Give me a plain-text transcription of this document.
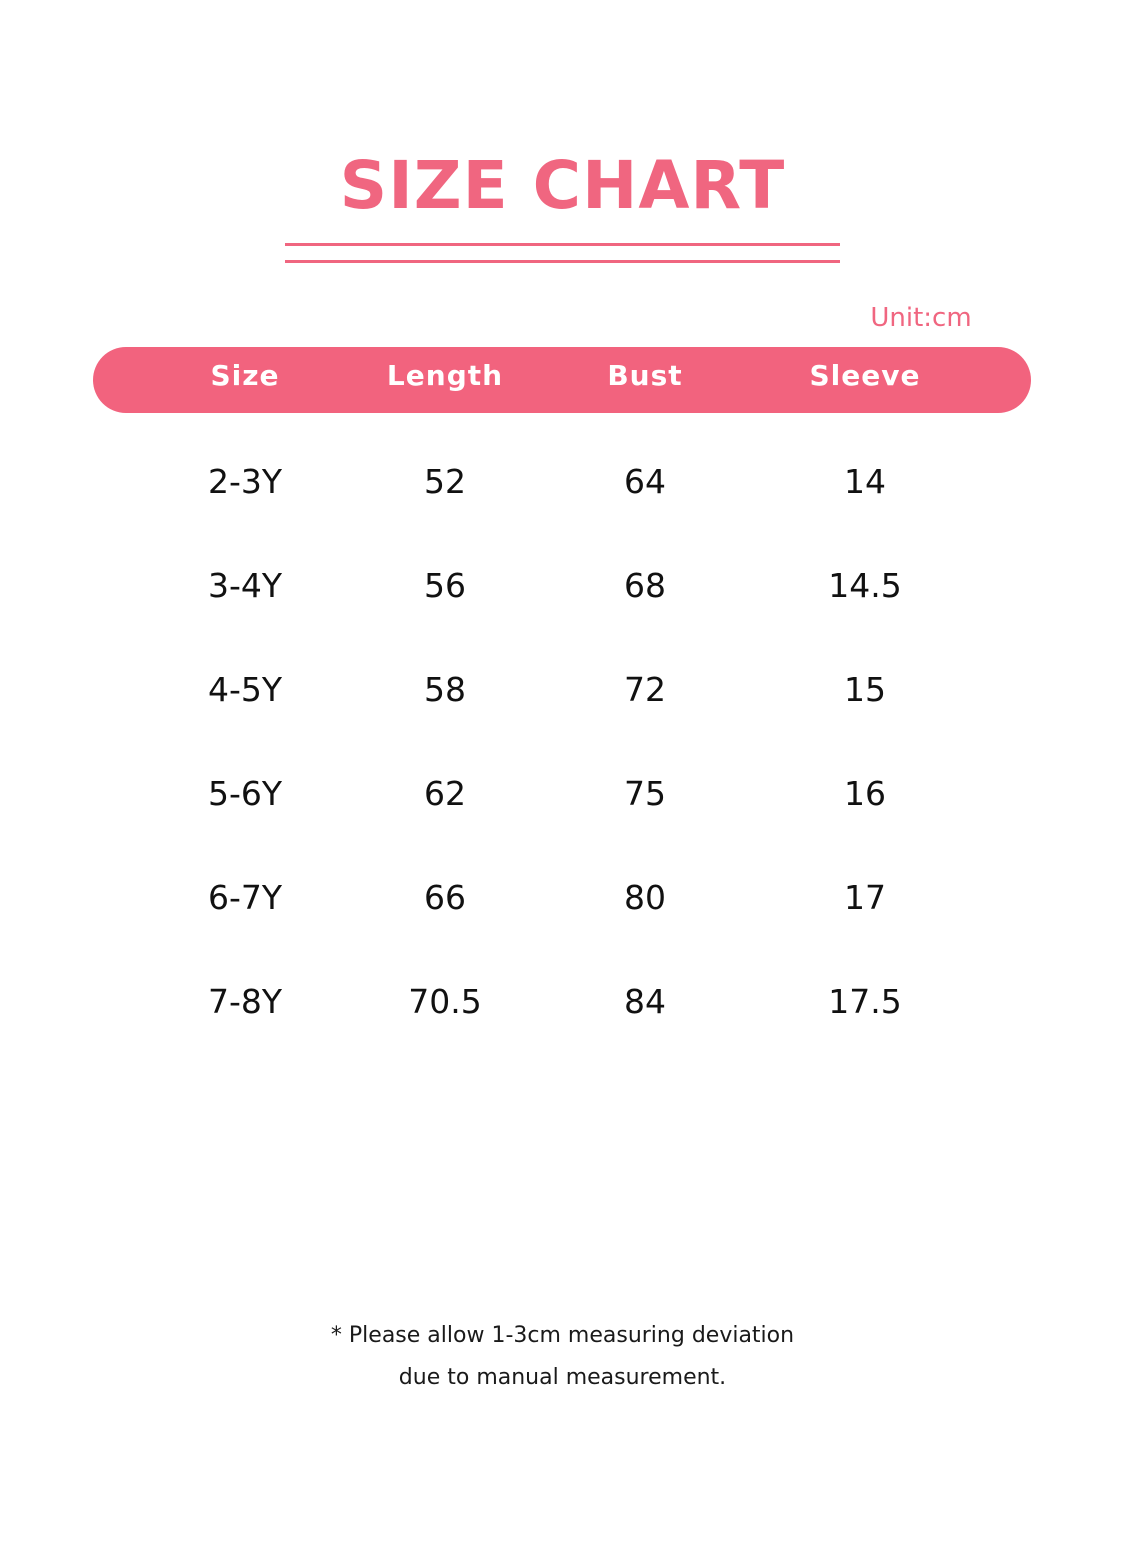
SIZE CHART
Unit:cm
Size	Length	Bust	Sleeve
2-3Y	52	64	14
3-4Y	56	68	14.5
4-5Y	58	72	15
5-6Y	62	75	16
6-7Y	66	80	17
7-8Y	70.5	84	17.5
* Please allow 1-3cm measuring deviation
due to manual measurement.
